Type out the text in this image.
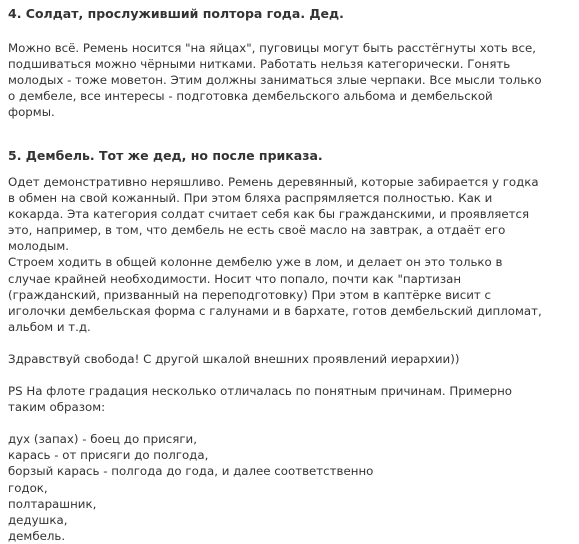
4. Солдат, прослуживший полтора года. Дед.
Можно всё. Ремень носится "на яйцах", пуговицы могут быть расстёгнуты хоть все,
подшиваться можно чёрными нитками. Работать нельзя категорически. Гонять
молодых - тоже моветон. Этим должны заниматься злые черпаки. Все мысли только
о дембеле, все интересы - подготовка дембельского альбома и дембельской
формы.
5. Дембель. Тот же дед, но после приказа.
Одет демонстративно неряшливо. Ремень деревянный, которые забирается у годка
в обмен на свой кожанный. При этом бляха распрямляется полностью. Как и
кокарда. Эта категория солдат считает себя как бы гражданскими, и проявляется
это, например, в том, что дембель не есть своё масло на завтрак, а отдаёт его
молодым.
Строем ходить в общей колонне дембелю уже в лом, и делает он это только в
случае крайней необходимости. Носит что попало, почти как "партизан
(гражданский, призванный на переподготовку) При этом в каптёрке висит с
иголочки дембельская форма с галунами и в бархате, готов дембельский дипломат,
альбом и т.д.
Здравствуй свобода! С другой шкалой внешних проявлений иерархии))
PS На флоте градация несколько отличалась по понятным причинам. Примерно
таким образом:
дух (запах) - боец до присяги,
карась - от присяги до полгода,
борзый карась - полгода до года, и далее соответственно
годок,
полтарашник,
дедушка,
дембель.
